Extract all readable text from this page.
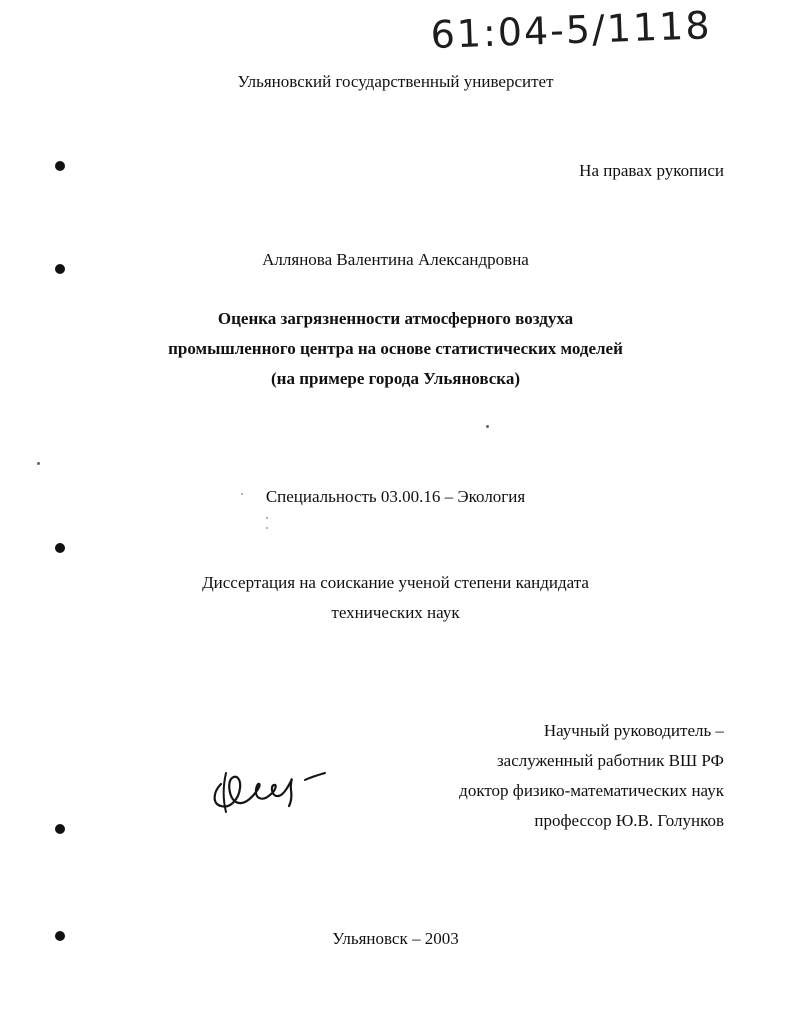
61:04-5/1118
Ульяновский государственный университет
На правах рукописи
Аллянова Валентина Александровна
Оценка загрязненности атмосферного воздуха
промышленного центра на основе статистических моделей
(на примере города Ульяновска)
Специальность 03.00.16 – Экология
Диссертация на соискание ученой степени кандидата
технических наук
Научный руководитель –
заслуженный работник ВШ РФ
доктор физико-математических наук
профессор Ю.В. Голунков
Ульяновск – 2003
